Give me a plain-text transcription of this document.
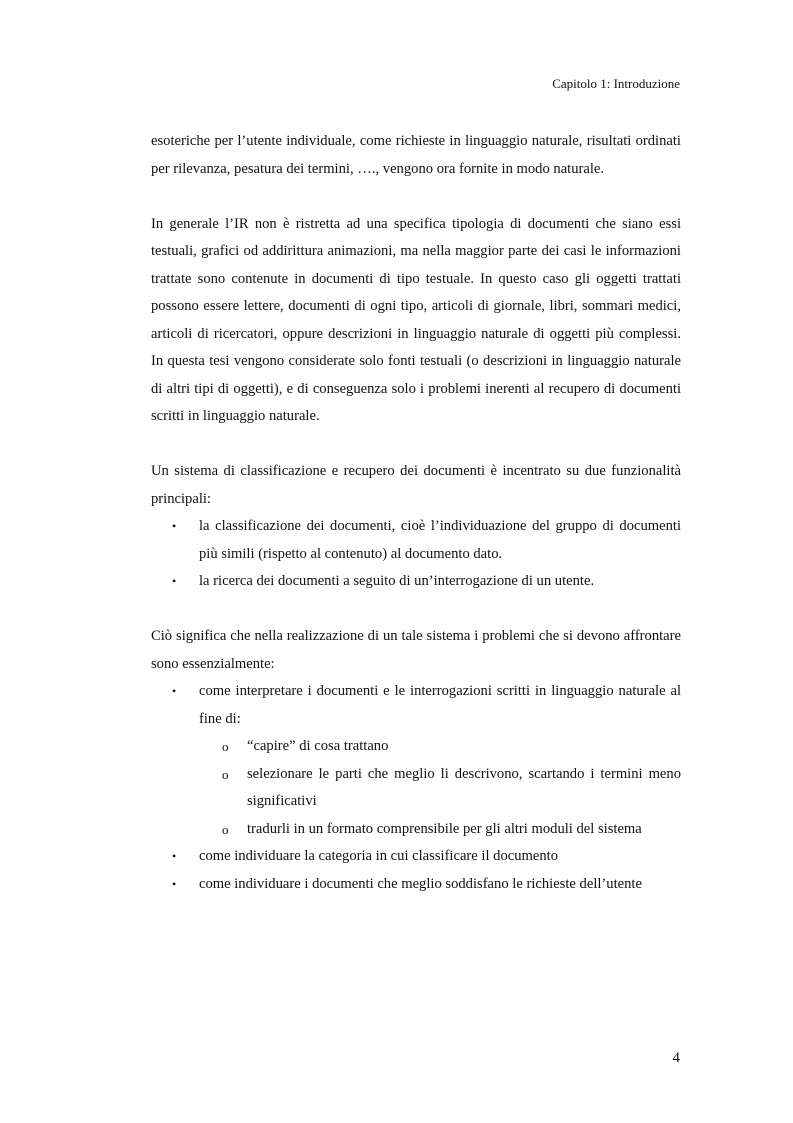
Capitolo 1: Introduzione

esoteriche per l’utente individuale, come richieste in linguaggio naturale, risultati ordinati per rilevanza, pesatura dei termini, …., vengono ora fornite in modo naturale.

In generale l’IR non è ristretta ad una specifica tipologia di documenti che siano essi testuali, grafici od addirittura animazioni, ma nella maggior parte dei casi le informazioni trattate sono contenute in documenti di tipo testuale. In questo caso gli oggetti trattati possono essere lettere, documenti di ogni tipo, articoli di giornale, libri, sommari medici, articoli di ricercatori, oppure descrizioni in linguaggio naturale di oggetti più complessi. In questa tesi vengono considerate solo fonti testuali (o descrizioni in linguaggio naturale di altri tipi di oggetti), e di conseguenza solo i problemi inerenti al recupero di documenti scritti in linguaggio naturale.

Un sistema di classificazione e recupero dei documenti è incentrato su due funzionalità principali:

• la classificazione dei documenti, cioè l’individuazione del gruppo di documenti più simili (rispetto al contenuto) al documento dato.
• la ricerca dei documenti a seguito di un’interrogazione di un utente.

Ciò significa che nella realizzazione di un tale sistema i problemi che si devono affrontare sono essenzialmente:

• come interpretare i documenti e le interrogazioni scritti in linguaggio naturale al fine di:
o “capire” di cosa trattano
o selezionare le parti che meglio li descrivono, scartando i termini meno significativi
o tradurli in un formato comprensibile per gli altri moduli del sistema
• come individuare la categoria in cui classificare il documento
• come individuare i documenti che meglio soddisfano le richieste dell’utente
4
